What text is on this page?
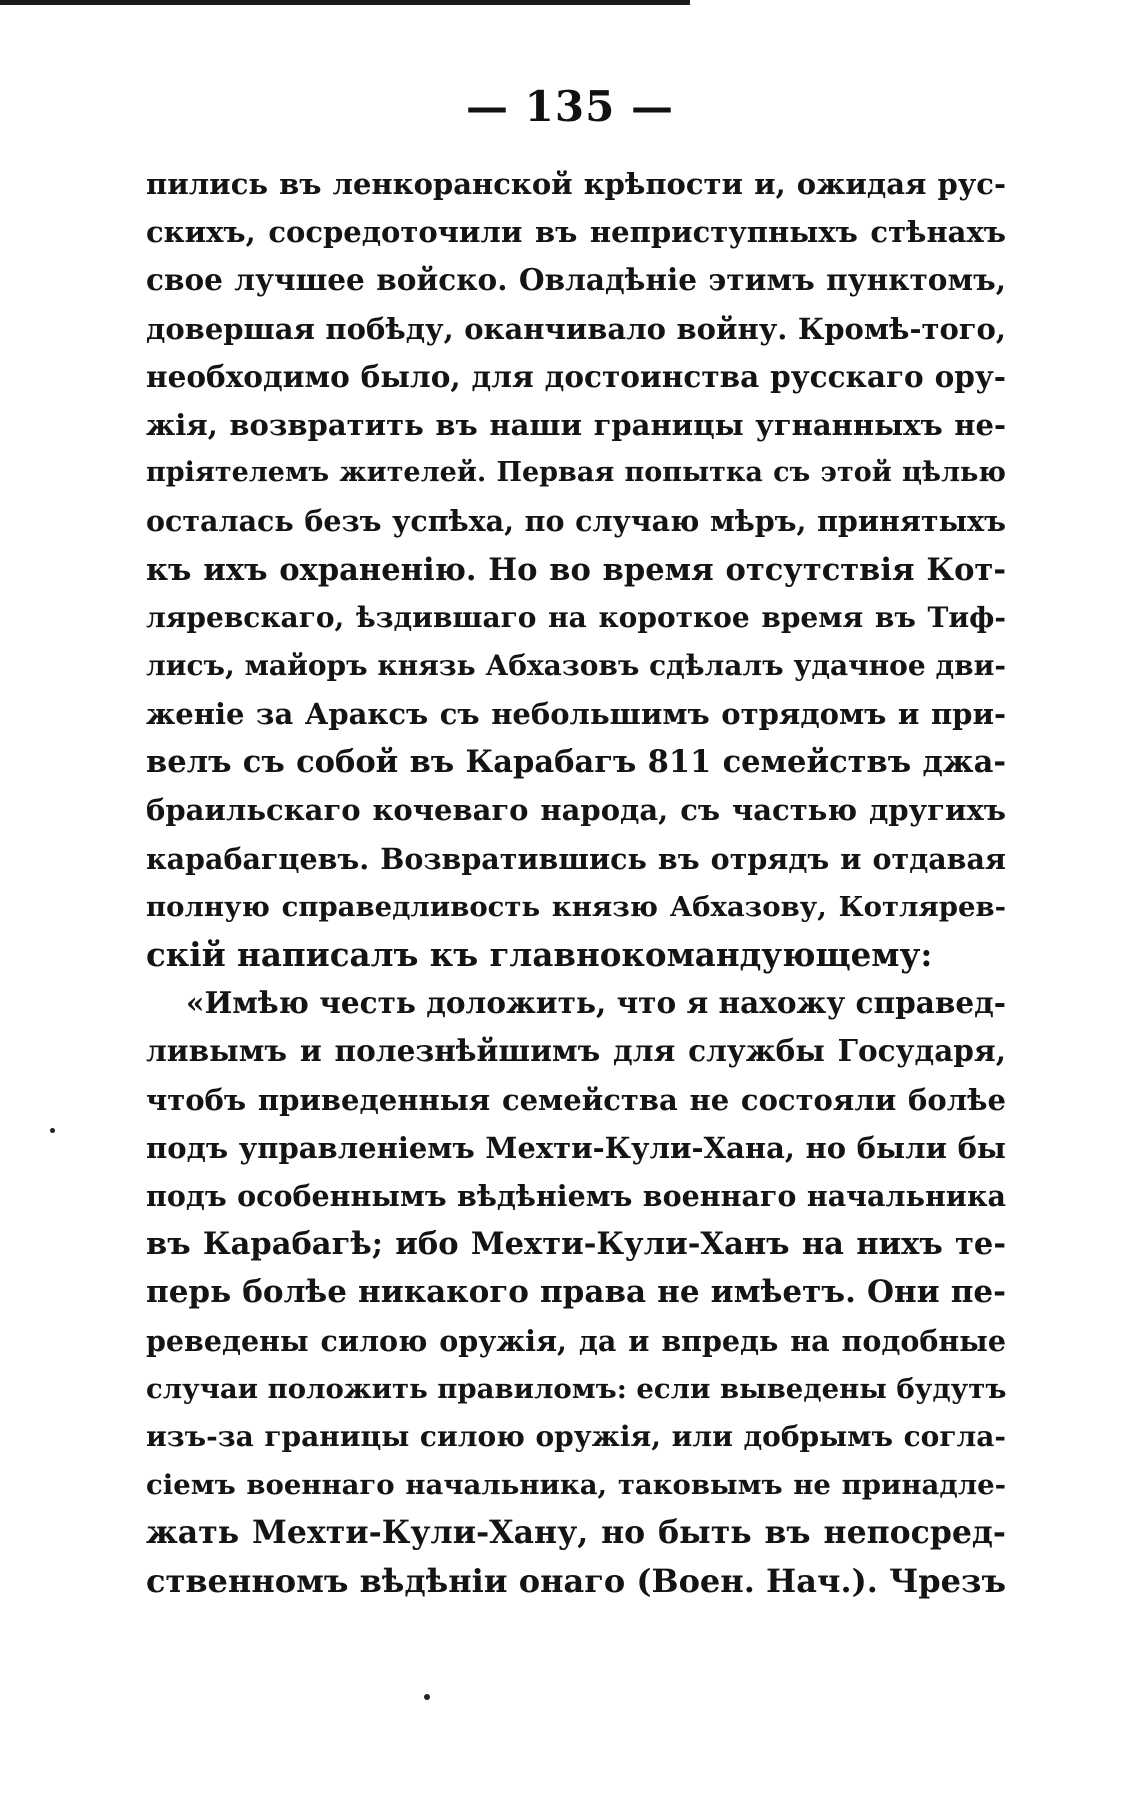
— 135 —
пились въ ленкоранской крѣпости и, ожидая рус-
скихъ, сосредоточили въ неприступныхъ стѣнахъ
свое лучшее войско. Овладѣніе этимъ пунктомъ,
довершая побѣду, оканчивало войну. Кромѣ-того,
необходимо было, для достоинства русскаго ору-
жія, возвратить въ наши границы угнанныхъ не-
пріятелемъ жителей. Первая попытка съ этой цѣлью
осталась безъ успѣха, по случаю мѣръ, принятыхъ
къ ихъ охраненію. Но во время отсутствія Кот-
ляревскаго, ѣздившаго на короткое время въ Тиф-
лисъ, майоръ князь Абхазовъ сдѣлалъ удачное дви-
женіе за Араксъ съ небольшимъ отрядомъ и при-
велъ съ собой въ Карабагъ 811 семействъ джа-
браильскаго кочеваго народа, съ частью другихъ
карабагцевъ. Возвратившись въ отрядъ и отдавая
полную справедливость князю Абхазову, Котлярев-
скій написалъ къ главнокомандующему:
«Имѣю честь доложить, что я нахожу справед-
ливымъ и полезнѣйшимъ для службы Государя,
чтобъ приведенныя семейства не состояли болѣе
подъ управленіемъ Мехти-Кули-Хана, но были бы
подъ особеннымъ вѣдѣніемъ военнаго начальника
въ Карабагѣ; ибо Мехти-Кули-Ханъ на нихъ те-
перь болѣе никакого права не имѣетъ. Они пе-
реведены силою оружія, да и впредь на подобные
случаи положить правиломъ: если выведены будутъ
изъ-за границы силою оружія, или добрымъ согла-
сіемъ военнаго начальника, таковымъ не принадле-
жать Мехти-Кули-Хану, но быть въ непосред-
ственномъ вѣдѣніи онаго (Воен. Нач.). Чрезъ
